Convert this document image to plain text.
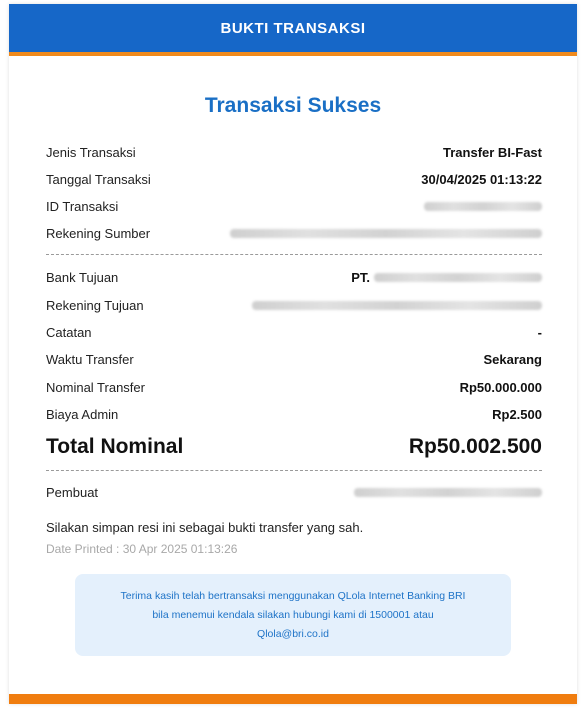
BUKTI TRANSAKSI
Transaksi Sukses
Jenis Transaksi	Transfer BI-Fast
Tanggal Transaksi	30/04/2025 01:13:22
ID Transaksi
Rekening Sumber
Bank Tujuan	PT.
Rekening Tujuan
Catatan	-
Waktu Transfer	Sekarang
Nominal Transfer	Rp50.000.000
Biaya Admin	Rp2.500
Total Nominal	Rp50.002.500
Pembuat
Silakan simpan resi ini sebagai bukti transfer yang sah.
Date Printed : 30 Apr 2025 01:13:26
Terima kasih telah bertransaksi menggunakan QLola Internet Banking BRI
bila menemui kendala silakan hubungi kami di 1500001 atau
Qlola@bri.co.id
